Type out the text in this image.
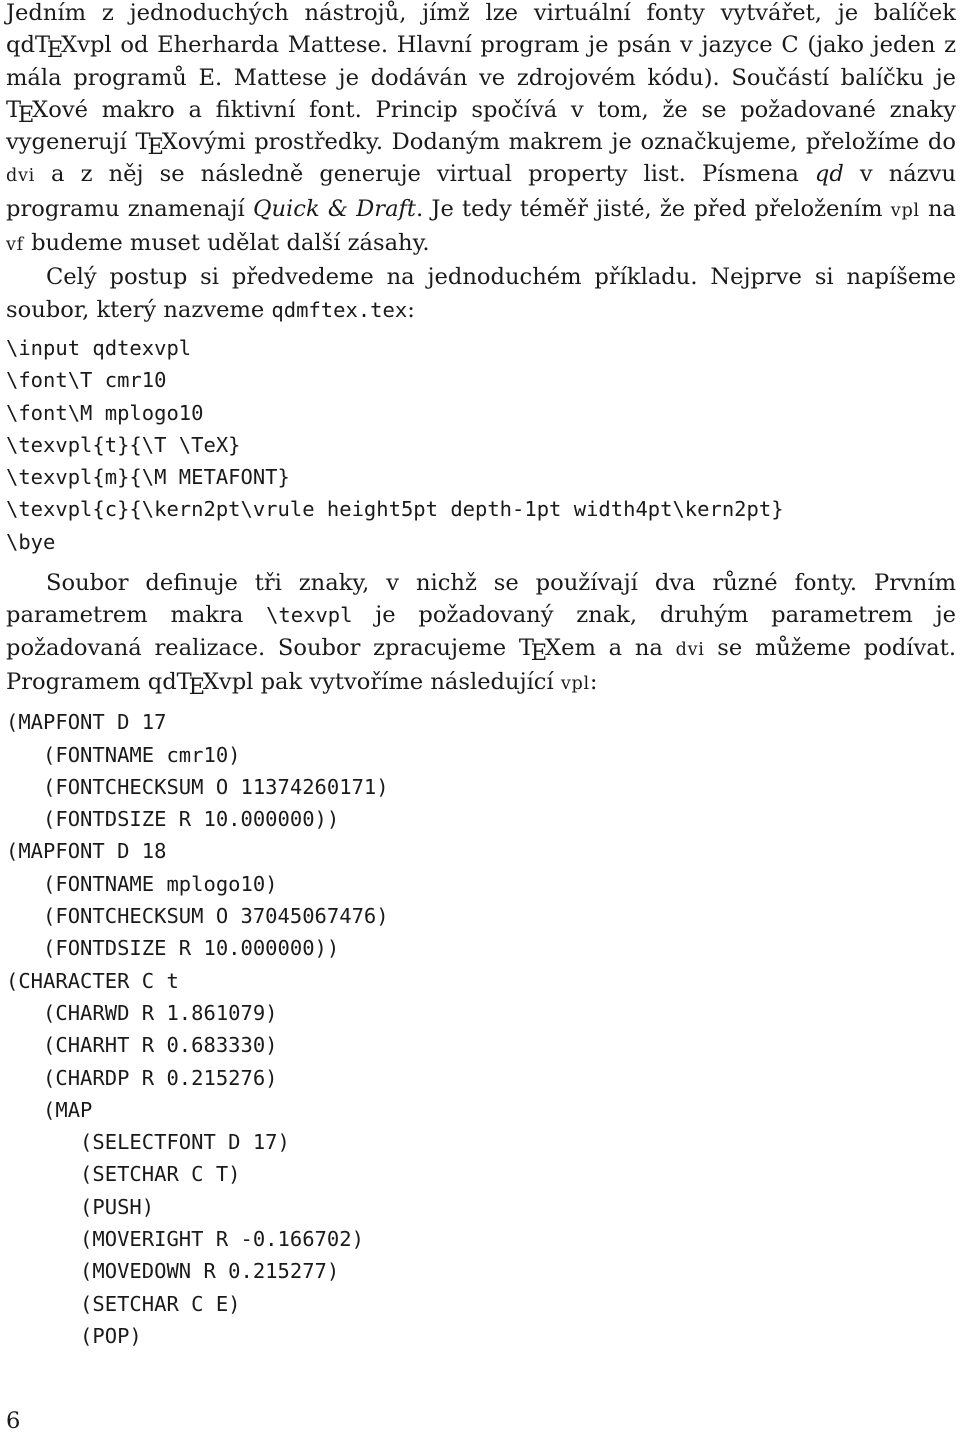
Jedním z jednoduchých nástrojů, jímž lze virtuální fonty vytvářet, je balíček qdTEXvpl od Eherharda Mattese. Hlavní program je psán v jazyce C (jako jeden z mála programů E. Mattese je dodáván ve zdrojovém kódu). Součástí balíčku je TEXové makro a fiktivní font. Princip spočívá v tom, že se požadované znaky vygenerují TEXovými prostředky. Dodaným makrem je označkujeme, přeložíme do dvi a z něj se následně generuje virtual property list. Písmena qd v názvu programu znamenají Quick & Draft. Je tedy téměř jisté, že před přeložením vpl na vf budeme muset udělat další zásahy.

Celý postup si předvedeme na jednoduchém příkladu. Nejprve si napíšeme soubor, který nazveme qdmftex.tex:

\input qdtexvpl
\font\T cmr10
\font\M mplogo10
\texvpl{t}{\T \TeX}
\texvpl{m}{\M METAFONT}
\texvpl{c}{\kern2pt\vrule height5pt depth-1pt width4pt\kern2pt}
\bye

Soubor definuje tři znaky, v nichž se používají dva různé fonty. Prvním parametrem makra \texvpl je požadovaný znak, druhým parametrem je požadovaná realizace. Soubor zpracujeme TEXem a na dvi se můžeme podívat. Programem qdTEXvpl pak vytvoříme následující vpl:

(MAPFONT D 17
(FONTNAME cmr10)
(FONTCHECKSUM O 11374260171)
(FONTDSIZE R 10.000000))
(MAPFONT D 18
(FONTNAME mplogo10)
(FONTCHECKSUM O 37045067476)
(FONTDSIZE R 10.000000))
(CHARACTER C t
(CHARWD R 1.861079)
(CHARHT R 0.683330)
(CHARDP R 0.215276)
(MAP
(SELECTFONT D 17)
(SETCHAR C T)
(PUSH)
(MOVERIGHT R -0.166702)
(MOVEDOWN R 0.215277)
(SETCHAR C E)
(POP)
6
